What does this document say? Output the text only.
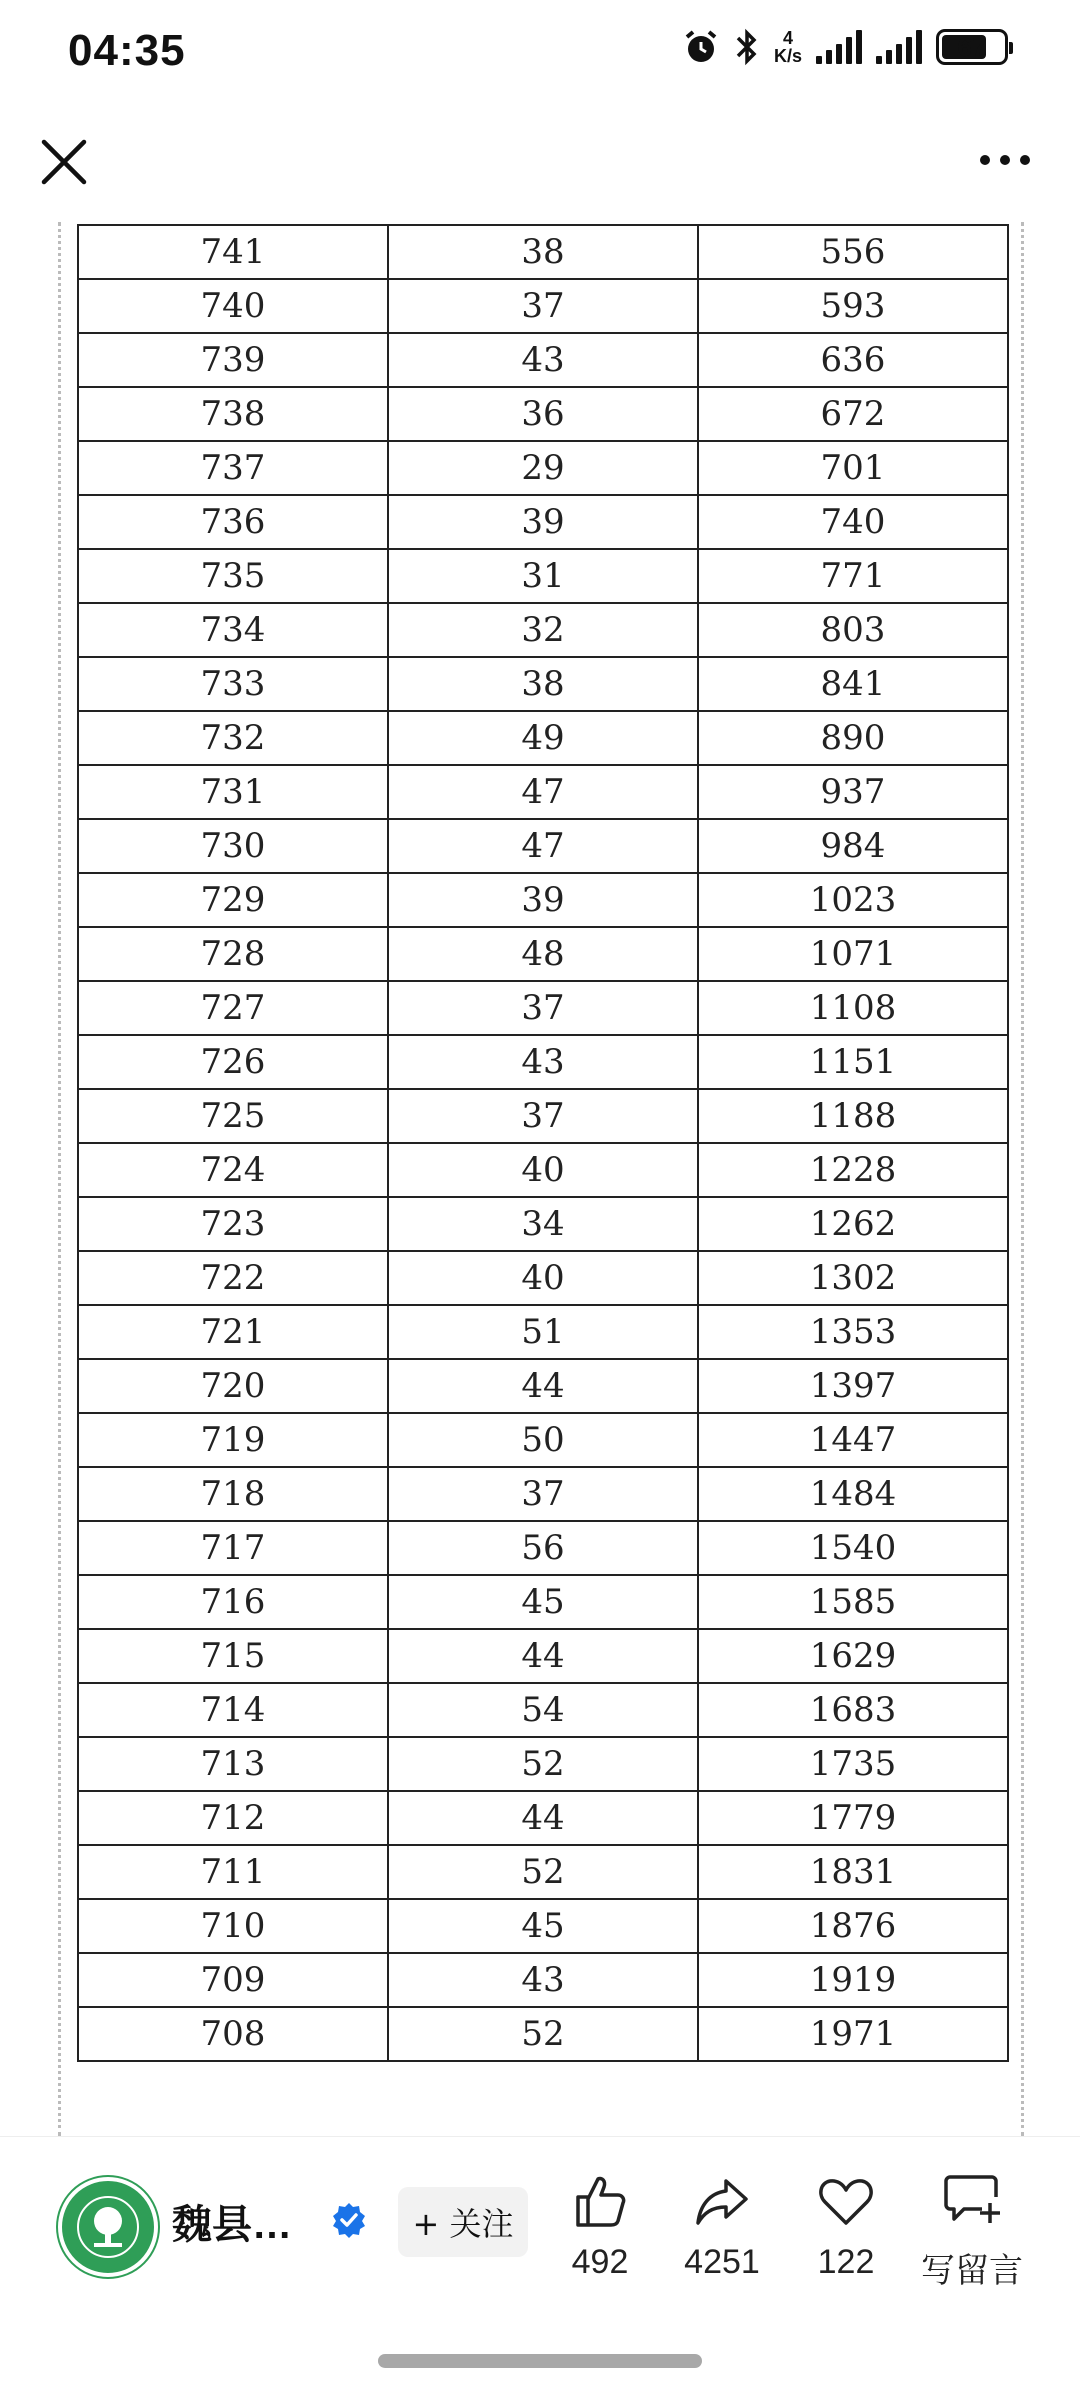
04:35	4
K/s	67
741	38	556
740	37	593
739	43	636
738	36	672
737	29	701
736	39	740
735	31	771
734	32	803
733	38	841
732	49	890
731	47	937
730	47	984
729	39	1023
728	48	1071
727	37	1108
726	43	1151
725	37	1188
724	40	1228
723	34	1262
722	40	1302
721	51	1353
720	44	1397
719	50	1447
718	37	1484
717	56	1540
716	45	1585
715	44	1629
714	54	1683
713	52	1735
712	44	1779
711	52	1831
710	45	1876
709	43	1919
708	52	1971
魏县…	+ 关注
492 4251 122 写留言
